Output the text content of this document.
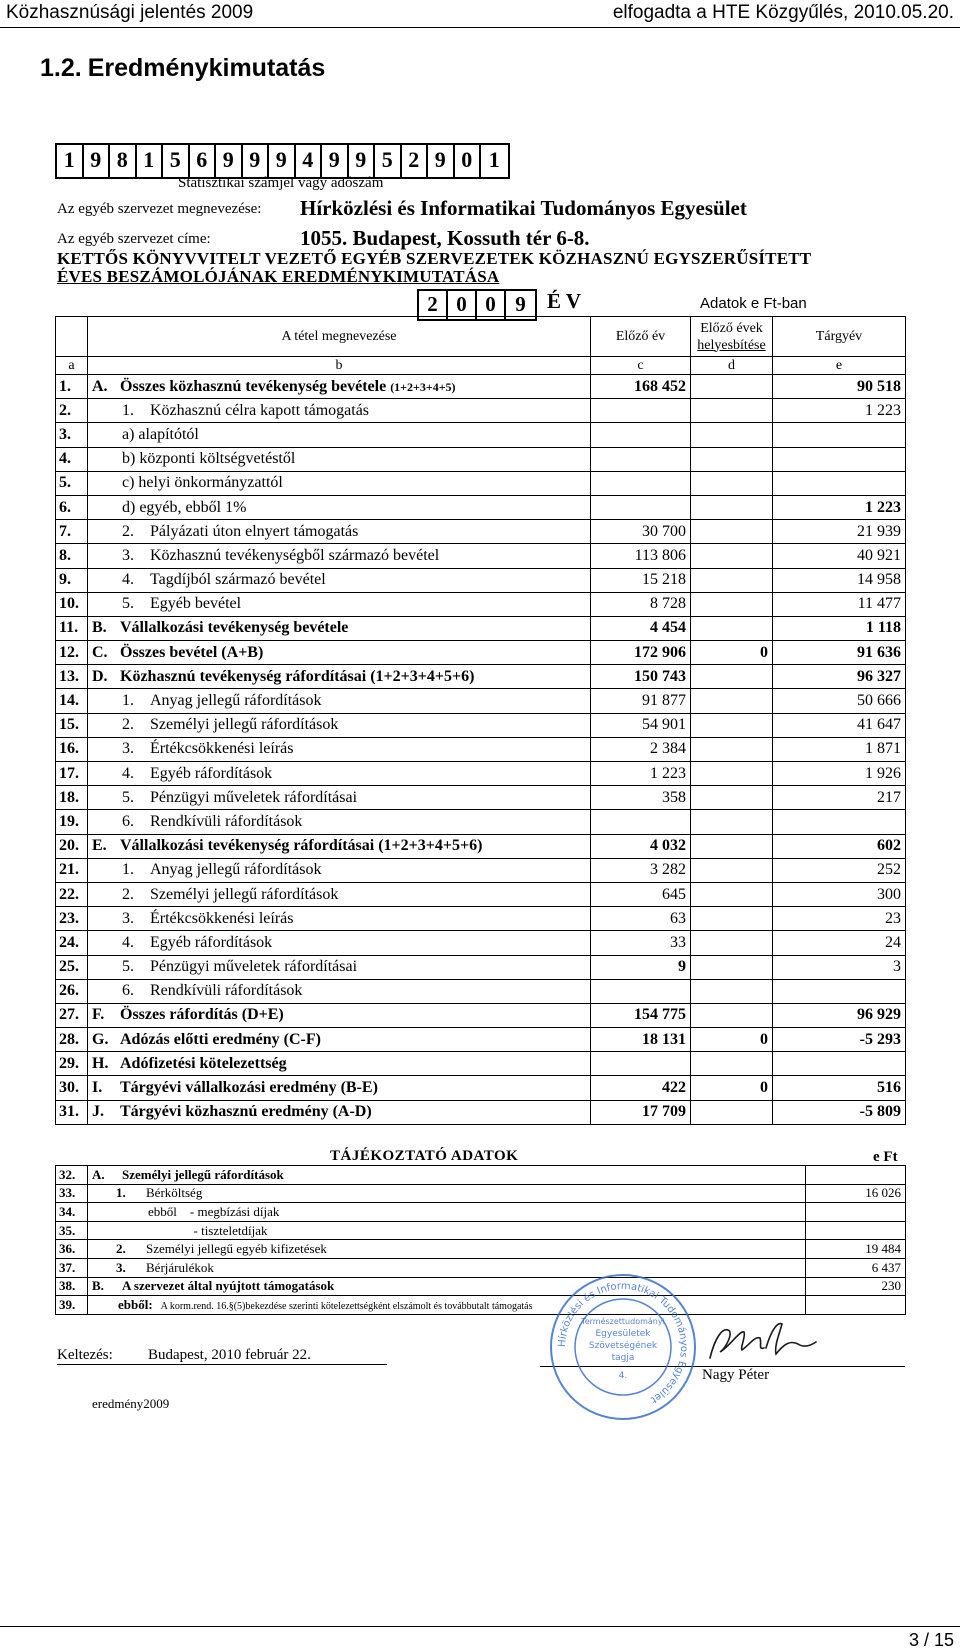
Közhasznúsági jelentés 2009	elfogadta a HTE Közgyűlés, 2010.05.20.
1.2. Eredménykimutatás
1 9 8 1 5 6 9 9 9 4 9 9 5 2 9 0 1
Statisztikai számjel vagy adószám
Az egyéb szervezet megnevezése: Hírközlési és Informatikai Tudományos Egyesület
Az egyéb szervezet címe:	1055. Budapest, Kossuth tér 6-8.
KETTŐS KÖNYVVITELT VEZETŐ EGYÉB SZERVEZETEK KÖZHASZNÚ EGYSZERŰSÍTETT
ÉVES BESZÁMOLÓJÁNAK EREDMÉNYKIMUTATÁSA
2 0 0 9	É V	Adatok e Ft-ban
	A tétel megnevezése	Előző év	Előző évek
helyesbítése	Tárgyév
a	b	c	d	e
1.	A. Összes közhasznú tevékenység bevétele (1+2+3+4+5)	168 452		90 518
2.	1. Közhasznú célra kapott támogatás			1 223
3.	a) alapítótól			
4.	b) központi költségvetéstől			
5.	c) helyi önkormányzattól			
6.	d) egyéb, ebből 1%			1 223
7.	2. Pályázati úton elnyert támogatás	30 700		21 939
8.	3. Közhasznú tevékenységből származó bevétel	113 806		40 921
9.	4. Tagdíjból származó bevétel	15 218		14 958
10.	5. Egyéb bevétel	8 728		11 477
11.	B. Vállalkozási tevékenység bevétele	4 454		1 118
12.	C. Összes bevétel (A+B)	172 906	0	91 636
13.	D. Közhasznú tevékenység ráfordításai (1+2+3+4+5+6)	150 743		96 327
14.	1. Anyag jellegű ráfordítások	91 877		50 666
15.	2. Személyi jellegű ráfordítások	54 901		41 647
16.	3. Értékcsökkenési leírás	2 384		1 871
17.	4. Egyéb ráfordítások	1 223		1 926
18.	5. Pénzügyi műveletek ráfordításai	358		217
19.	6. Rendkívüli ráfordítások			
20.	E. Vállalkozási tevékenység ráfordításai (1+2+3+4+5+6)	4 032		602
21.	1. Anyag jellegű ráfordítások	3 282		252
22.	2. Személyi jellegű ráfordítások	645		300
23.	3. Értékcsökkenési leírás	63		23
24.	4. Egyéb ráfordítások	33		24
25.	5. Pénzügyi műveletek ráfordításai	9		3
26.	6. Rendkívüli ráfordítások			
27.	F. Összes ráfordítás (D+E)	154 775		96 929
28.	G. Adózás előtti eredmény (C-F)	18 131	0	-5 293
29.	H. Adófizetési kötelezettség			
30.	I. Tárgyévi vállalkozási eredmény (B-E)	422	0	516
31.	J. Tárgyévi közhasznú eredmény (A-D)	17 709		-5 809
TÁJÉKOZTATÓ ADATOK	e Ft
32.	A. Személyi jellegű ráfordítások	
33.	1. Bérköltség	16 026
34.	ebből    - megbízási díjak	
35.	- tiszteletdíjak	
36.	2. Személyi jellegű egyéb kifizetések	19 484
37.	3. Bérjárulékok	6 437
38.	B. A szervezet által nyújtott támogatások	230
39.	ebből: A korm.rend. 16.§(5)bekezdése szerinti kötelezettségként elszámolt és továbbutalt támogatás	
Keltezés: Budapest, 2010 február 22.
Nagy Péter
eredmény2009
Hírközlési és Informatikai Tudományos Egyesület
Természettudományi
Egyesületek
Szövetségének
tagja
4.
3 / 15
